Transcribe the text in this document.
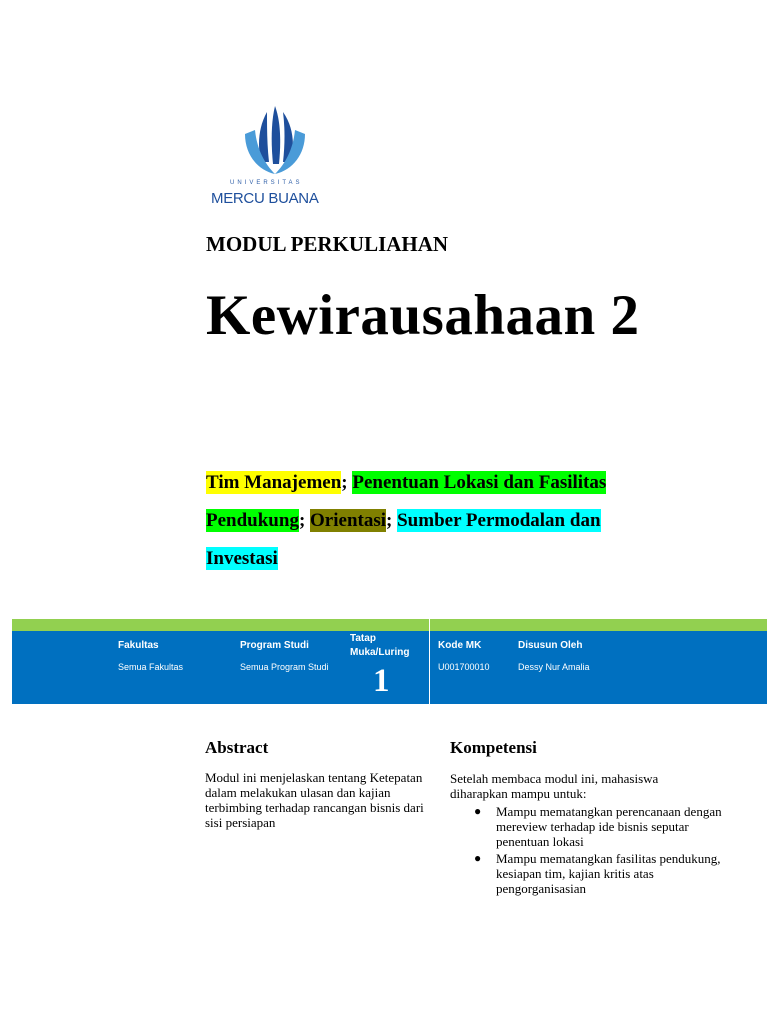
UNIVERSITAS
MERCU BUANA
MODUL PERKULIAHAN
Kewirausahaan 2
Tim Manajemen; Penentuan Lokasi dan Fasilitas Pendukung; Orientasi; Sumber Permodalan dan Investasi
Fakultas
Semua Fakultas
Program Studi
Semua Program Studi
Tatap Muka/Luring
1
Kode MK
U001700010
Disusun Oleh
Dessy Nur Amalia
Abstract
Modul ini menjelaskan tentang Ketepatan dalam melakukan ulasan dan kajian terbimbing terhadap rancangan bisnis dari sisi persiapan
Kompetensi
Setelah membaca modul ini, mahasiswa diharapkan mampu untuk:
● Mampu mematangkan perencanaan dengan mereview terhadap ide bisnis seputar penentuan lokasi
● Mampu mematangkan fasilitas pendukung, kesiapan tim, kajian kritis atas pengorganisasian
